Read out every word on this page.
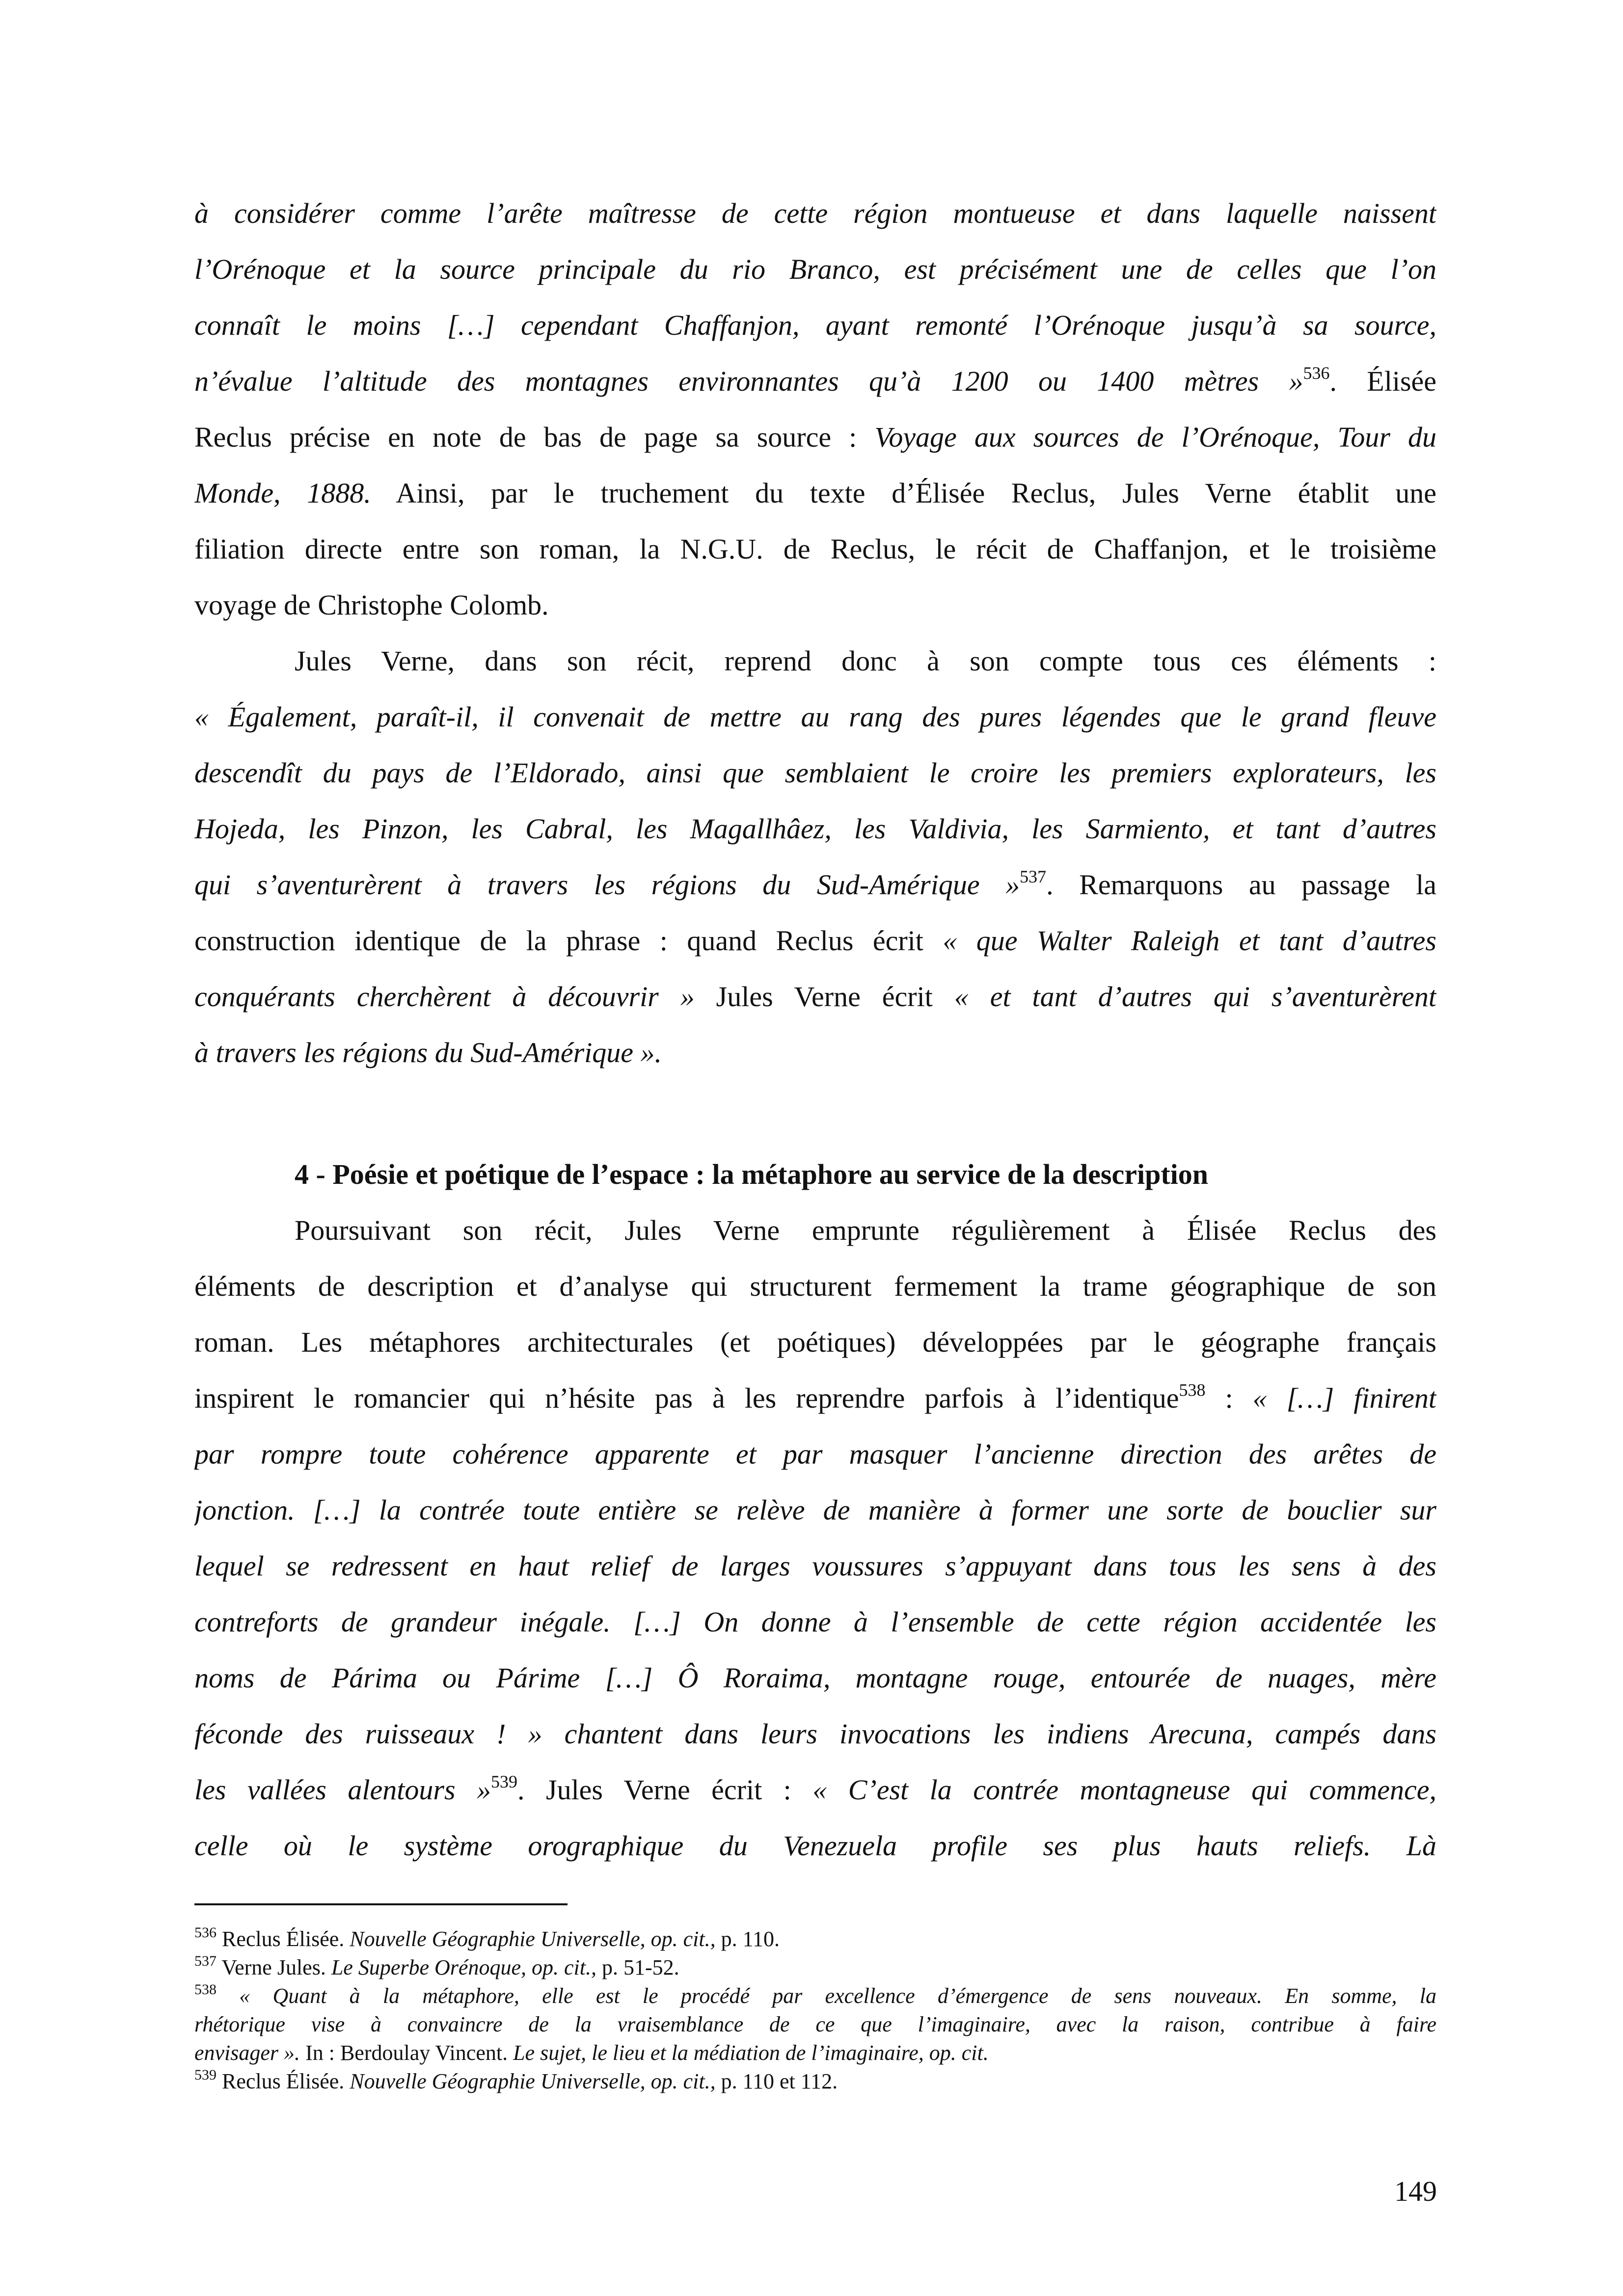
à considérer comme l’arête maîtresse de cette région montueuse et dans laquelle naissent
l’Orénoque et la source principale du rio Branco, est précisément une de celles que l’on
connaît le moins […] cependant Chaffanjon, ayant remonté l’Orénoque jusqu’à sa source,
n’évalue l’altitude des montagnes environnantes qu’à 1200 ou 1400 mètres »$^{536}$. Élisée
Reclus précise en note de bas de page sa source : Voyage aux sources de l’Orénoque, Tour du
Monde, 1888. Ainsi, par le truchement du texte d’Élisée Reclus, Jules Verne établit une
filiation directe entre son roman, la N.G.U. de Reclus, le récit de Chaffanjon, et le troisième
voyage de Christophe Colomb.
Jules Verne, dans son récit, reprend donc à son compte tous ces éléments :
« Également, paraît-il, il convenait de mettre au rang des pures légendes que le grand fleuve
descendît du pays de l’Eldorado, ainsi que semblaient le croire les premiers explorateurs, les
Hojeda, les Pinzon, les Cabral, les Magallhâez, les Valdivia, les Sarmiento, et tant d’autres
qui s’aventurèrent à travers les régions du Sud-Amérique »$^{537}$. Remarquons au passage la
construction identique de la phrase : quand Reclus écrit « que Walter Raleigh et tant d’autres
conquérants cherchèrent à découvrir » Jules Verne écrit « et tant d’autres qui s’aventurèrent
à travers les régions du Sud-Amérique ».
4 - Poésie et poétique de l’espace : la métaphore au service de la description
Poursuivant son récit, Jules Verne emprunte régulièrement à Élisée Reclus des
éléments de description et d’analyse qui structurent fermement la trame géographique de son
roman. Les métaphores architecturales (et poétiques) développées par le géographe français
inspirent le romancier qui n’hésite pas à les reprendre parfois à l’identique$^{538}$ : « […] finirent
par rompre toute cohérence apparente et par masquer l’ancienne direction des arêtes de
jonction. […] la contrée toute entière se relève de manière à former une sorte de bouclier sur
lequel se redressent en haut relief de larges voussures s’appuyant dans tous les sens à des
contreforts de grandeur inégale. […] On donne à l’ensemble de cette région accidentée les
noms de Párima ou Párime […] Ô Roraima, montagne rouge, entourée de nuages, mère
féconde des ruisseaux ! » chantent dans leurs invocations les indiens Arecuna, campés dans
les vallées alentours »$^{539}$. Jules Verne écrit : « C’est la contrée montagneuse qui commence,
celle où le système orographique du Venezuela profile ses plus hauts reliefs. Là
$^{536}$ Reclus Élisée. Nouvelle Géographie Universelle, op. cit., p. 110.
$^{537}$ Verne Jules. Le Superbe Orénoque, op. cit., p. 51-52.
$^{538}$ « Quant à la métaphore, elle est le procédé par excellence d’émergence de sens nouveaux. En somme, la
rhétorique vise à convaincre de la vraisemblance de ce que l’imaginaire, avec la raison, contribue à faire
envisager ». In : Berdoulay Vincent. Le sujet, le lieu et la médiation de l’imaginaire, op. cit.
$^{539}$ Reclus Élisée. Nouvelle Géographie Universelle, op. cit., p. 110 et 112.
149
